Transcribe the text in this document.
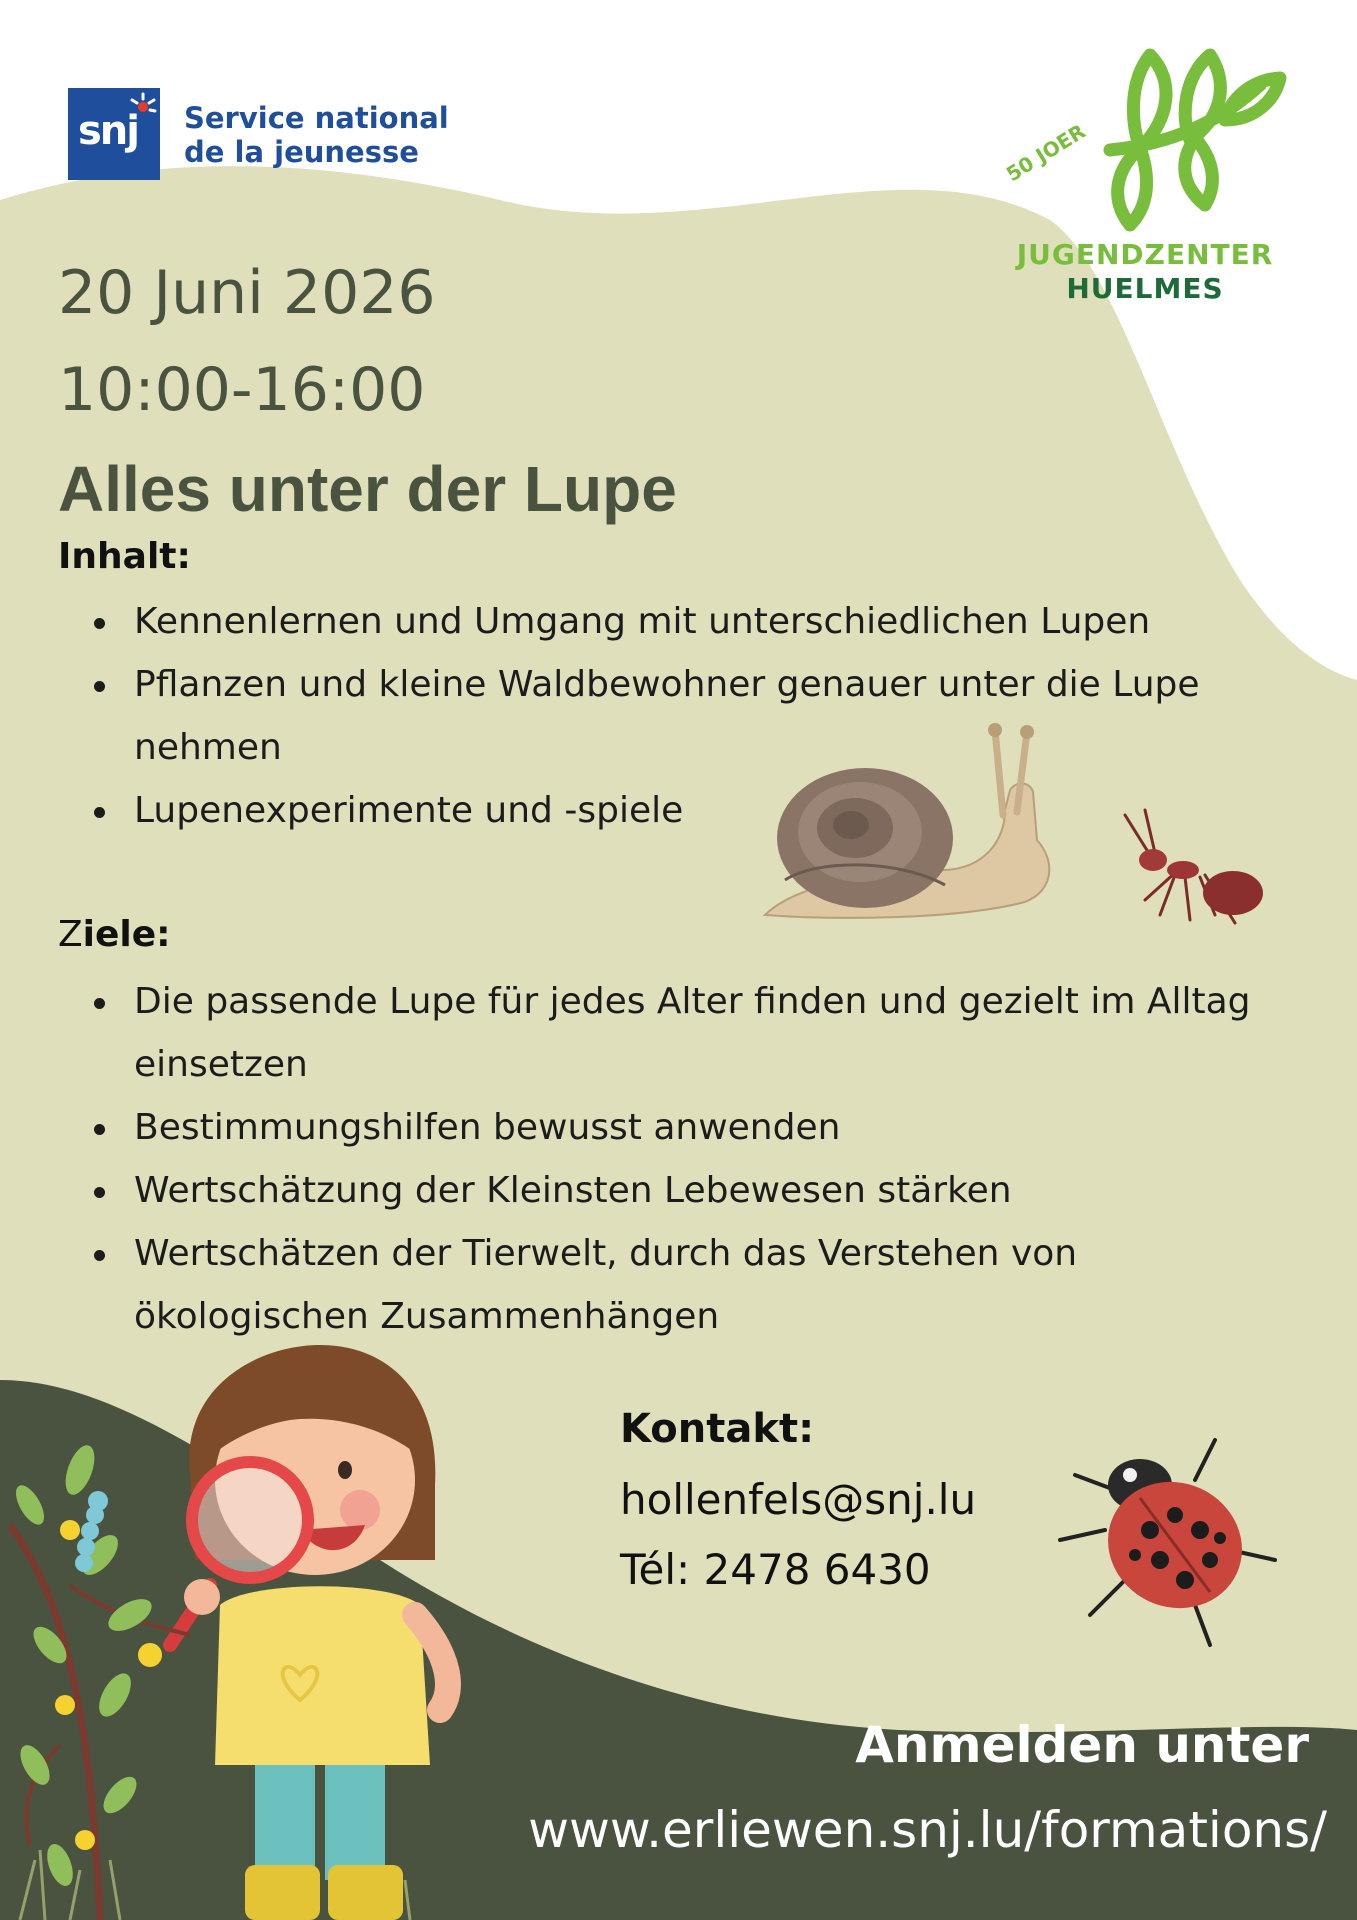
snj Service national
de la jeunesse	50 JOER
JUGENDZENTER
HUELMES
20 Juni 2026
10:00-16:00
Alles unter der Lupe
Inhalt:
Kennenlernen und Umgang mit unterschiedlichen Lupen
Pflanzen und kleine Waldbewohner genauer unter die Lupe nehmen
Lupenexperimente und -spiele
Ziele:
Die passende Lupe für jedes Alter finden und gezielt im Alltag einsetzen
Bestimmungshilfen bewusst anwenden
Wertschätzung der Kleinsten Lebewesen stärken
Wertschätzen der Tierwelt, durch das Verstehen von ökologischen Zusammenhängen
Kontakt:
hollenfels@snj.lu
Tél: 2478 6430
Anmelden unter
www.erliewen.snj.lu/formations/
